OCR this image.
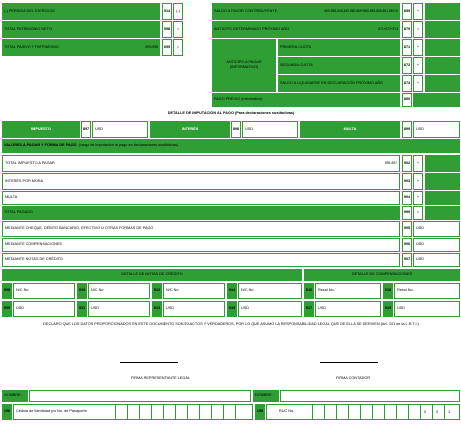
(-) PERDIDA DEL EJERCICIO	514	(-)
TOTAL PATRIMONIO NETO	598	=
TOTAL PASIVO Y PATRIMONIO	699=598	699	=
SALDO A FAVOR CONTRIBUYENTE	869-859-848-849-850-869+865-855-856-851-852>0	859	+
ANTICIPO DETERMINADO PRÓXIMO AÑO	871+872+873	879	=
ANTICIPO A PAGAR
(INFORMATIVO)
PRIMERA CUOTA	871	+
SEGUNDA CUOTA	872	+
SALDO A LIQUIDARSE EN DECLARACIÓN PRÓXIMO AÑO	873	+
PAGO PREVIO (Informativo)	890
DETALLE DE IMPUTACIÓN AL PAGO (Para declaraciones sustitutivas)
IMPUESTO	897	USD	INTERÉS	898	USD	MULTA	899	USD
VALORES A PAGAR Y FORMA DE PAGO (luego de imputación al pago en declaraciones sustitutivas)
TOTAL IMPUESTO A PAGAR	859-897	902	+
INTERÉS POR MORA	903	+
MULTA	904	+
TOTAL PAGADO	999	=
MEDIANTE CHEQUE, DÉBITO BANCARIO, EFECTIVO U OTRAS FORMAS DE PAGO	905	USD
MEDIANTE COMPENSACIONES	906	USD
MEDIANTE NOTAS DE CRÉDITO	907	USD
DETALLE DE NOTAS DE CRÉDITO	DETALLE DE COMPENSACIONES
908	N/C No	910	N/C No	912	N/C No	914	N/C No	916	Resol No.	918	Resol No.
909	USD	911	USD	913	USD	915	USD	917	USD	919	USD
DECLARO QUE LOS DATOS PROPORCIONADOS EN ESTE DOCUMENTO SON EXACTOS Y VERDADEROS, POR LO QUE ASUMO LA RESPONSABILIDAD LEGAL QUE DE ELLA SE DERIVEN (Art. 101 de la L.R.T.I.)
FIRMA REPRESENTANTE LEGAL	FIRMA CONTADOR
NOMBRE:	NOMBRE:
198	Cédula de Identidad y/o No. de Pasaporte	199	RUC No.	0	0	1
